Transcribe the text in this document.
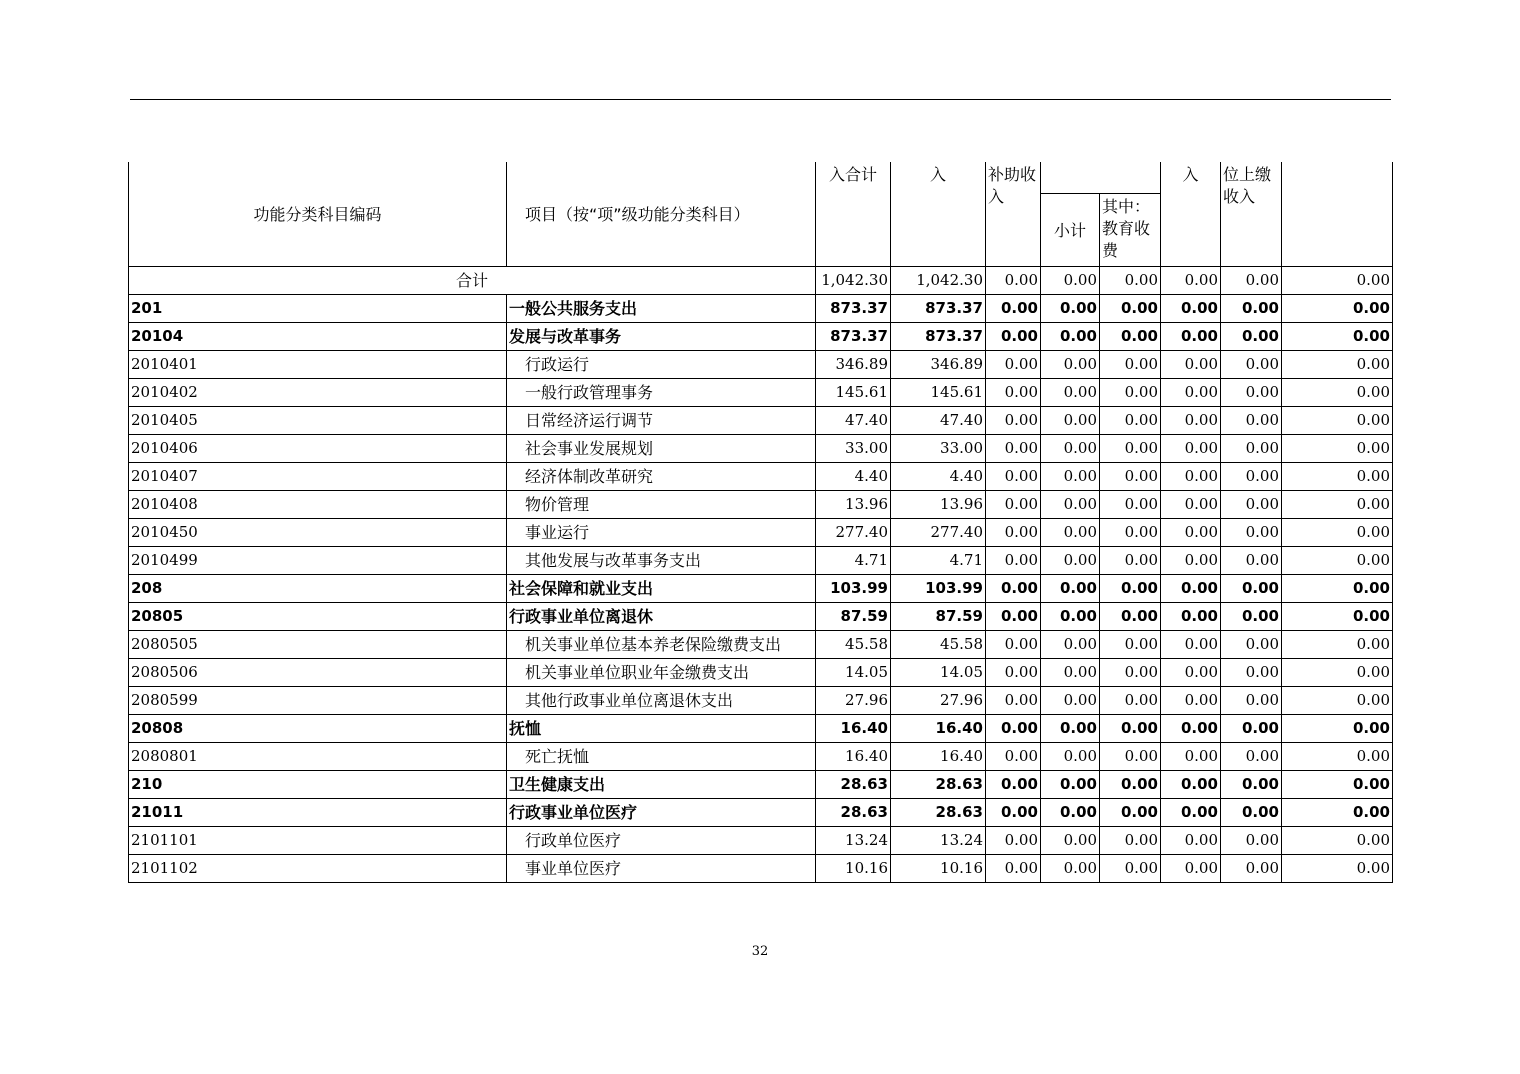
功能分类科目编码	项目（按“项”级功能分类科目）	入合计	入	补助收入			入	位上缴收入	
					小计	其中：教育收费			
合计		1,042.30	1,042.30	0.00	0.00	0.00	0.00	0.00	0.00
201	一般公共服务支出	873.37	873.37	0.00	0.00	0.00	0.00	0.00	0.00
20104	发展与改革事务	873.37	873.37	0.00	0.00	0.00	0.00	0.00	0.00
2010401	行政运行	346.89	346.89	0.00	0.00	0.00	0.00	0.00	0.00
2010402	一般行政管理事务	145.61	145.61	0.00	0.00	0.00	0.00	0.00	0.00
2010405	日常经济运行调节	47.40	47.40	0.00	0.00	0.00	0.00	0.00	0.00
2010406	社会事业发展规划	33.00	33.00	0.00	0.00	0.00	0.00	0.00	0.00
2010407	经济体制改革研究	4.40	4.40	0.00	0.00	0.00	0.00	0.00	0.00
2010408	物价管理	13.96	13.96	0.00	0.00	0.00	0.00	0.00	0.00
2010450	事业运行	277.40	277.40	0.00	0.00	0.00	0.00	0.00	0.00
2010499	其他发展与改革事务支出	4.71	4.71	0.00	0.00	0.00	0.00	0.00	0.00
208	社会保障和就业支出	103.99	103.99	0.00	0.00	0.00	0.00	0.00	0.00
20805	行政事业单位离退休	87.59	87.59	0.00	0.00	0.00	0.00	0.00	0.00
2080505	机关事业单位基本养老保险缴费支出	45.58	45.58	0.00	0.00	0.00	0.00	0.00	0.00
2080506	机关事业单位职业年金缴费支出	14.05	14.05	0.00	0.00	0.00	0.00	0.00	0.00
2080599	其他行政事业单位离退休支出	27.96	27.96	0.00	0.00	0.00	0.00	0.00	0.00
20808	抚恤	16.40	16.40	0.00	0.00	0.00	0.00	0.00	0.00
2080801	死亡抚恤	16.40	16.40	0.00	0.00	0.00	0.00	0.00	0.00
210	卫生健康支出	28.63	28.63	0.00	0.00	0.00	0.00	0.00	0.00
21011	行政事业单位医疗	28.63	28.63	0.00	0.00	0.00	0.00	0.00	0.00
2101101	行政单位医疗	13.24	13.24	0.00	0.00	0.00	0.00	0.00	0.00
2101102	事业单位医疗	10.16	10.16	0.00	0.00	0.00	0.00	0.00	0.00
32
